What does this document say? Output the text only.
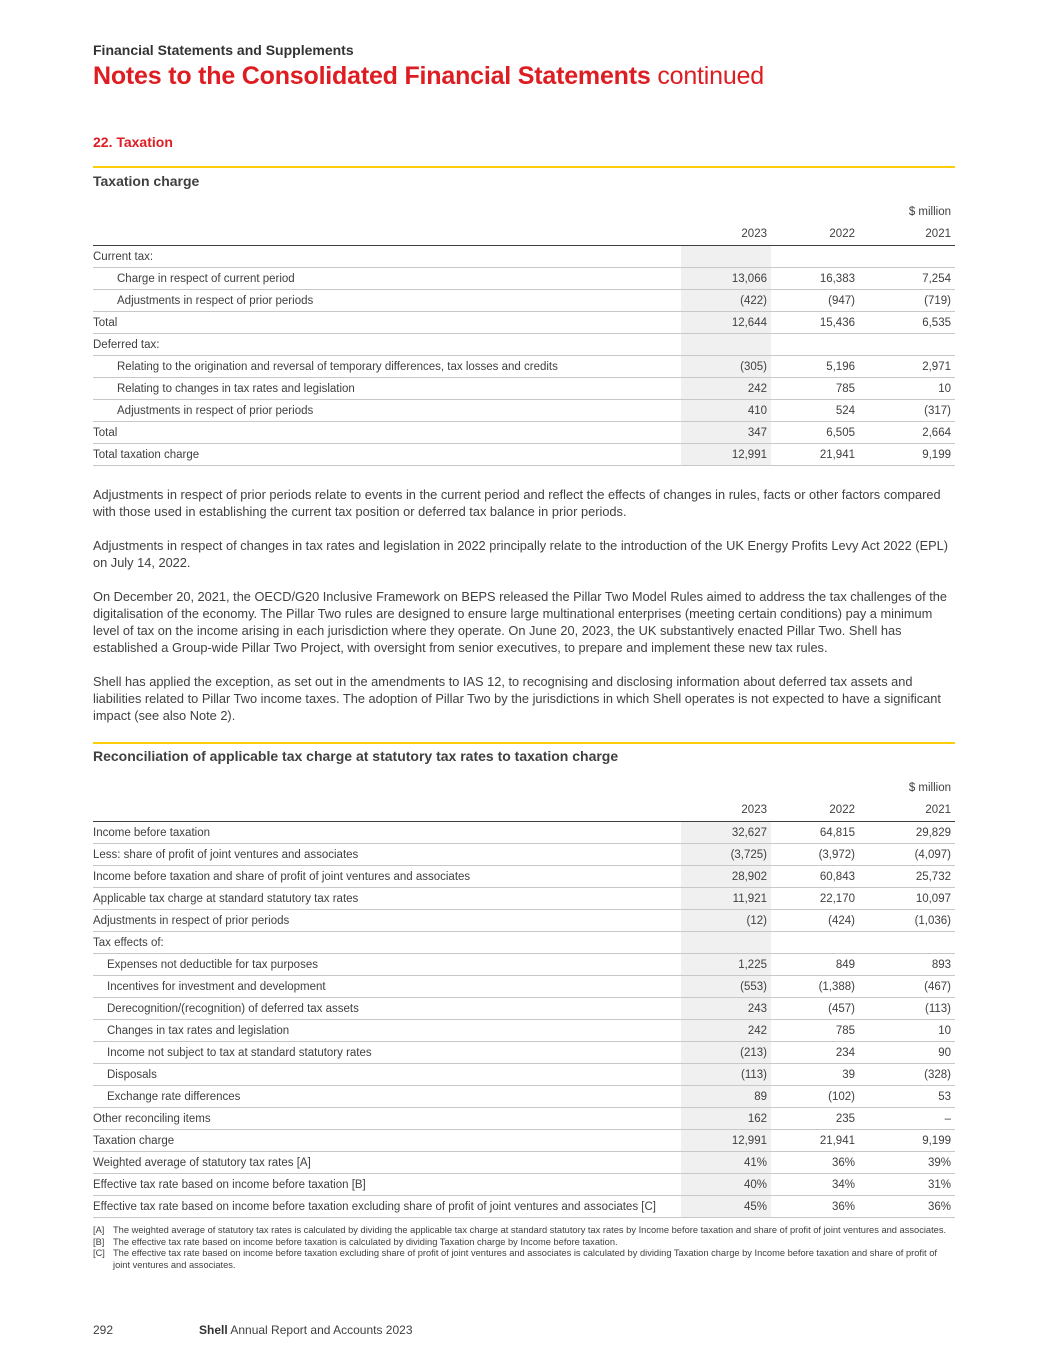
Financial Statements and Supplements
Notes to the Consolidated Financial Statements continued
22. Taxation
Taxation charge
			$ million
	2023	2022	2021
Current tax:			
Charge in respect of current period	13,066	16,383	7,254
Adjustments in respect of prior periods	(422)	(947)	(719)
Total	12,644	15,436	6,535
Deferred tax:			
Relating to the origination and reversal of temporary differences, tax losses and credits	(305)	5,196	2,971
Relating to changes in tax rates and legislation	242	785	10
Adjustments in respect of prior periods	410	524	(317)
Total	347	6,505	2,664
Total taxation charge	12,991	21,941	9,199
Adjustments in respect of prior periods relate to events in the current period and reflect the effects of changes in rules, facts or other factors compared with those used in establishing the current tax position or deferred tax balance in prior periods.
Adjustments in respect of changes in tax rates and legislation in 2022 principally relate to the introduction of the UK Energy Profits Levy Act 2022 (EPL) on July 14, 2022.
On December 20, 2021, the OECD/G20 Inclusive Framework on BEPS released the Pillar Two Model Rules aimed to address the tax challenges of the digitalisation of the economy. The Pillar Two rules are designed to ensure large multinational enterprises (meeting certain conditions) pay a minimum level of tax on the income arising in each jurisdiction where they operate. On June 20, 2023, the UK substantively enacted Pillar Two. Shell has established a Group-wide Pillar Two Project, with oversight from senior executives, to prepare and implement these new tax rules.
Shell has applied the exception, as set out in the amendments to IAS 12, to recognising and disclosing information about deferred tax assets and liabilities related to Pillar Two income taxes. The adoption of Pillar Two by the jurisdictions in which Shell operates is not expected to have a significant impact (see also Note 2).
Reconciliation of applicable tax charge at statutory tax rates to taxation charge
			$ million
	2023	2022	2021
Income before taxation	32,627	64,815	29,829
Less: share of profit of joint ventures and associates	(3,725)	(3,972)	(4,097)
Income before taxation and share of profit of joint ventures and associates	28,902	60,843	25,732
Applicable tax charge at standard statutory tax rates	11,921	22,170	10,097
Adjustments in respect of prior periods	(12)	(424)	(1,036)
Tax effects of:			
Expenses not deductible for tax purposes	1,225	849	893
Incentives for investment and development	(553)	(1,388)	(467)
Derecognition/(recognition) of deferred tax assets	243	(457)	(113)
Changes in tax rates and legislation	242	785	10
Income not subject to tax at standard statutory rates	(213)	234	90
Disposals	(113)	39	(328)
Exchange rate differences	89	(102)	53
Other reconciling items	162	235	–
Taxation charge	12,991	21,941	9,199
Weighted average of statutory tax rates [A]	41%	36%	39%
Effective tax rate based on income before taxation [B]	40%	34%	31%
Effective tax rate based on income before taxation excluding share of profit of joint ventures and associates [C]	45%	36%	36%
[A] The weighted average of statutory tax rates is calculated by dividing the applicable tax charge at standard statutory tax rates by Income before taxation and share of profit of joint ventures and associates.
[B] The effective tax rate based on income before taxation is calculated by dividing Taxation charge by Income before taxation.
[C] The effective tax rate based on income before taxation excluding share of profit of joint ventures and associates is calculated by dividing Taxation charge by Income before taxation and share of profit of joint ventures and associates.
292	Shell Annual Report and Accounts 2023
